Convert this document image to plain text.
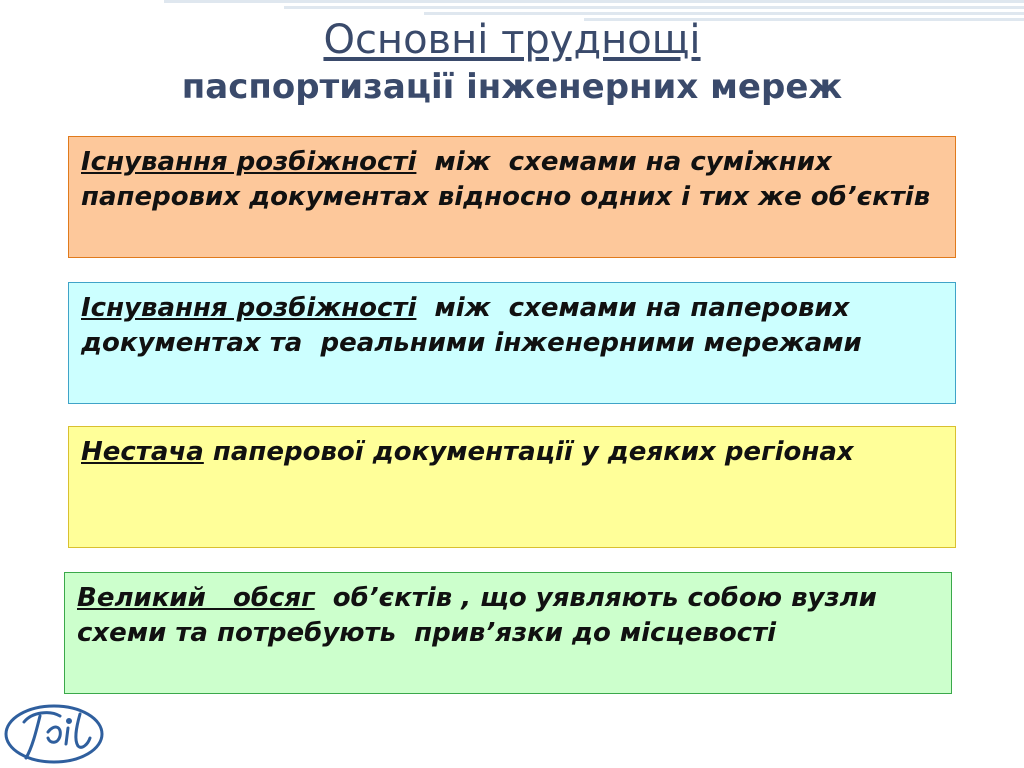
Основні труднощі
паспортизації інженерних мереж
Існування розбіжності  між  схемами на суміжних  паперових документах відносно одних і тих же об’єктів
Існування розбіжності  між  схемами на паперових документах та  реальними інженерними мережами
Нестача паперової документації у деяких регіонах
Великий   обсяг  об’єктів , що уявляють собою вузли схеми та потребують  прив’язки до місцевості
